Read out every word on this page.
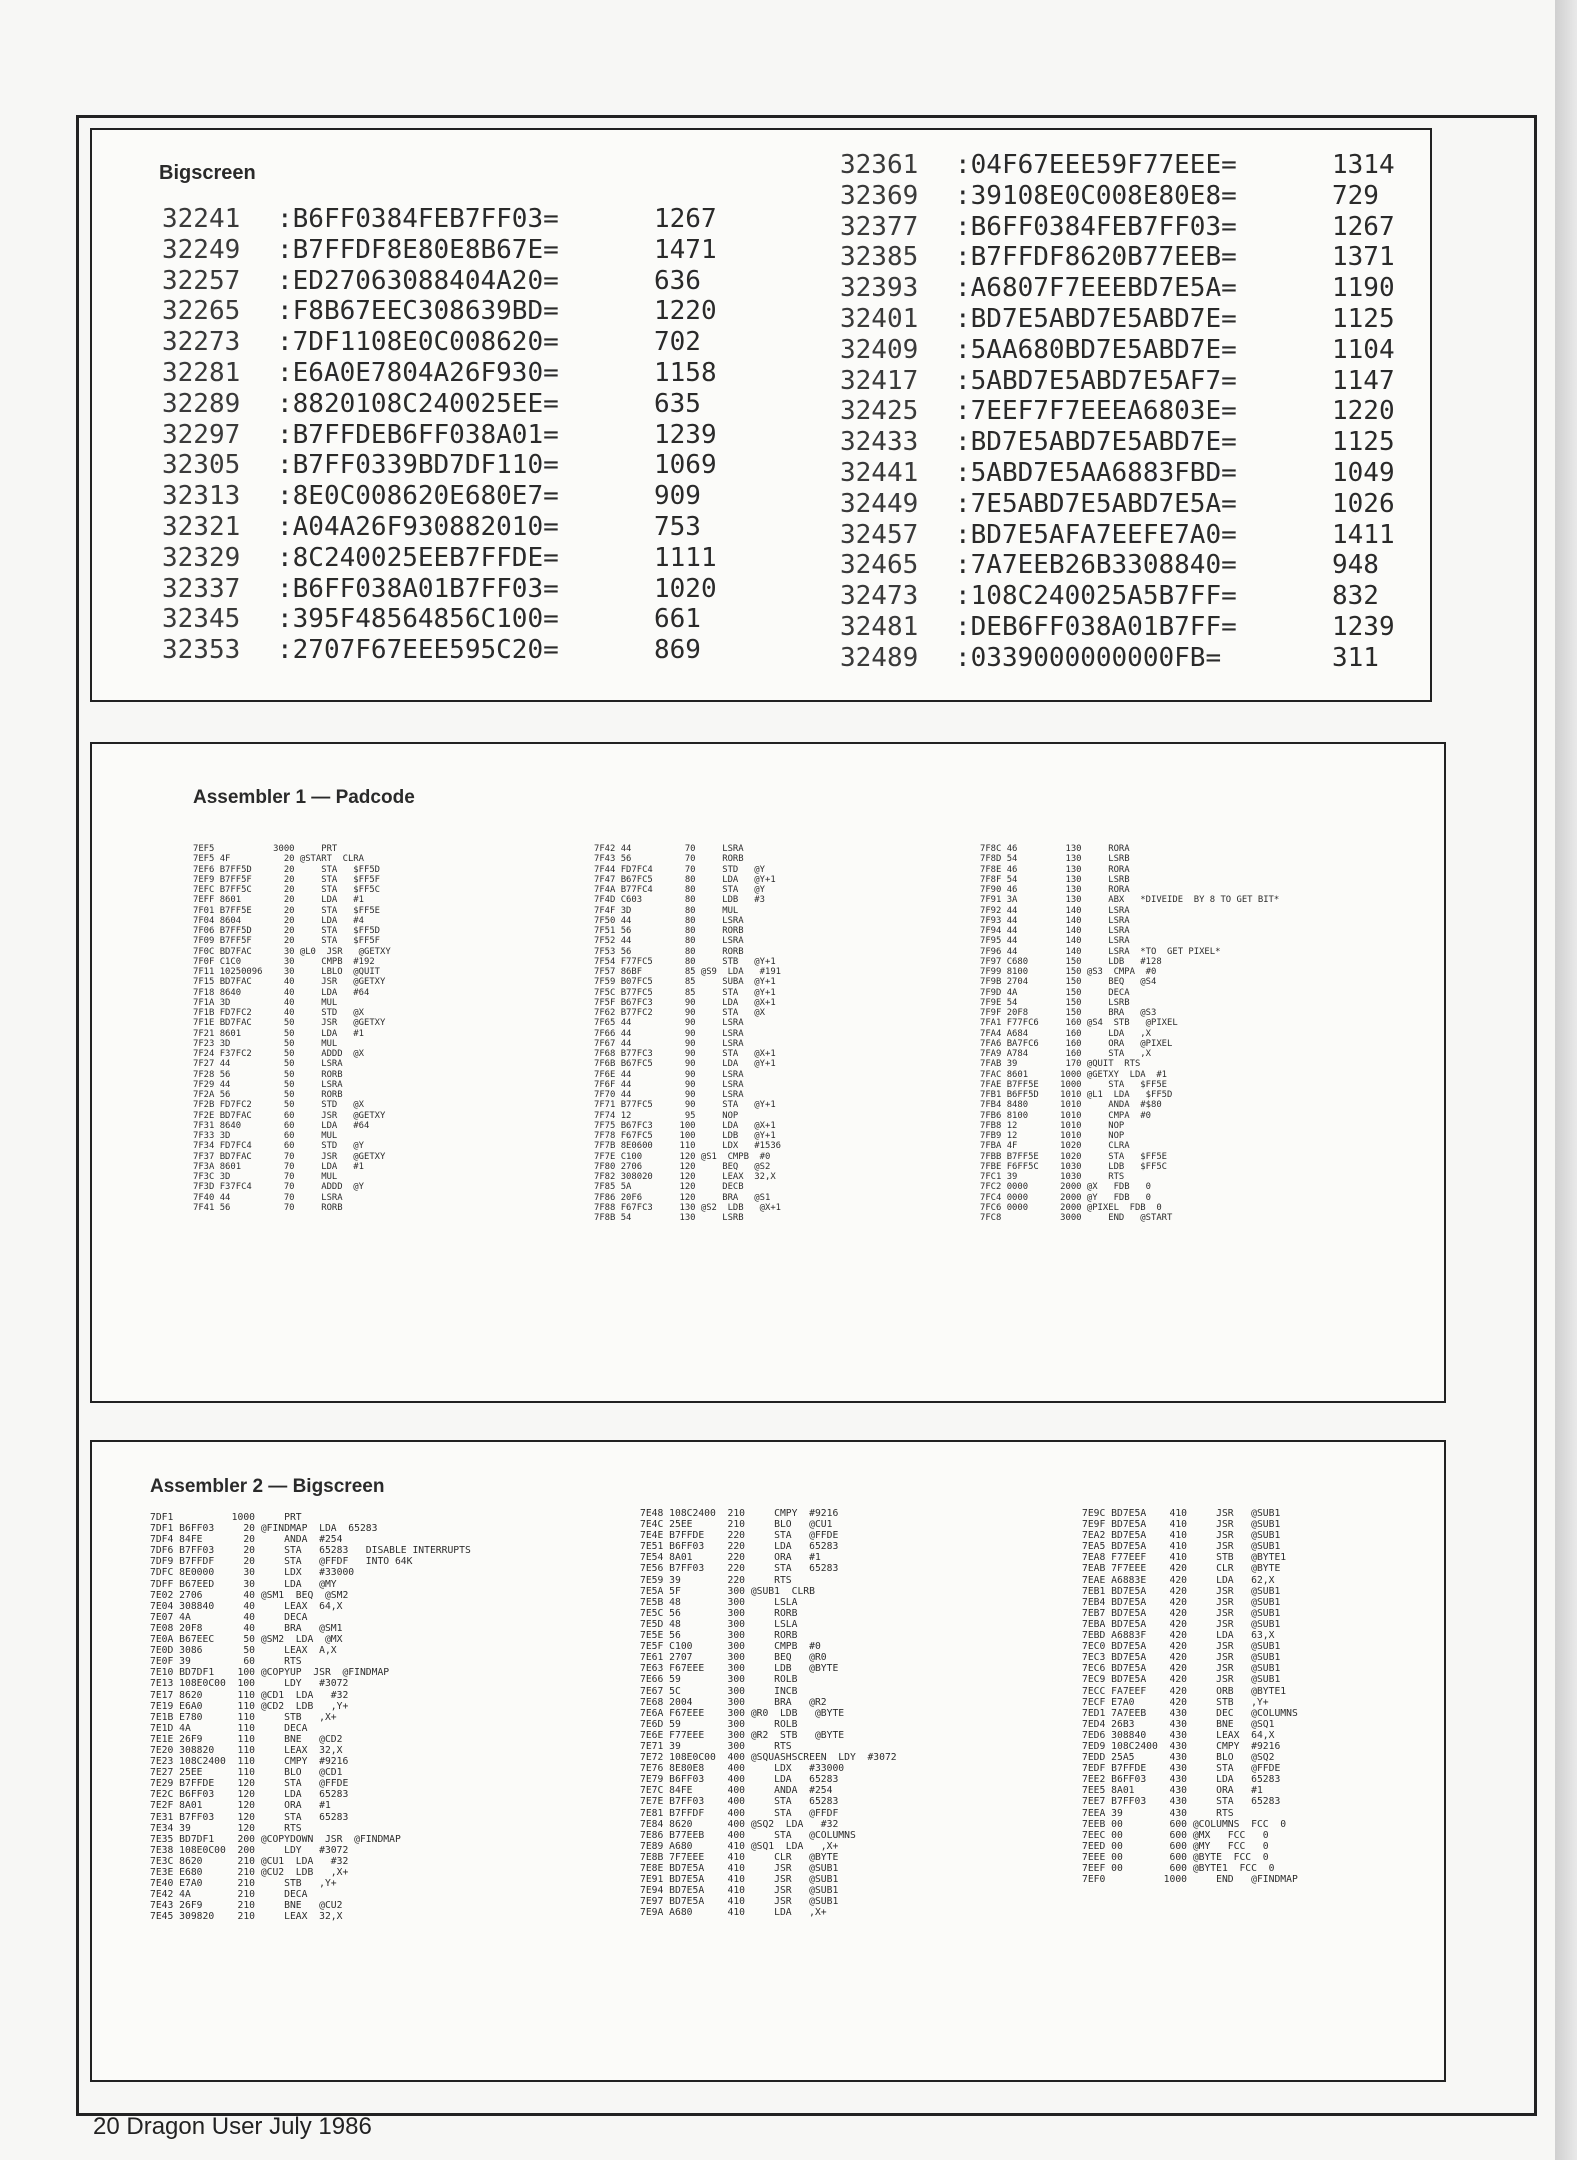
Bigscreen
32241 :B6FF0384FEB7FF03=	1267
32249 :B7FFDF8E80E8B67E=	1471
32257 :ED27063088404A20=	636
32265 :F8B67EEC308639BD=	1220
32273 :7DF1108E0C008620=	702
32281 :E6A0E7804A26F930=	1158
32289 :8820108C240025EE=	635
32297 :B7FFDEB6FF038A01=	1239
32305 :B7FF0339BD7DF110=	1069
32313 :8E0C008620E680E7=	909
32321 :A04A26F930882010=	753
32329 :8C240025EEB7FFDE=	1111
32337 :B6FF038A01B7FF03=	1020
32345 :395F48564856C100=	661
32353 :2707F67EEE595C20=	869
32361 :04F67EEE59F77EEE=	1314
32369 :39108E0C008E80E8=	729
32377 :B6FF0384FEB7FF03=	1267
32385 :B7FFDF8620B77EEB=	1371
32393 :A6807F7EEEBD7E5A=	1190
32401 :BD7E5ABD7E5ABD7E=	1125
32409 :5AA680BD7E5ABD7E=	1104
32417 :5ABD7E5ABD7E5AF7=	1147
32425 :7EEF7F7EEEA6803E=	1220
32433 :BD7E5ABD7E5ABD7E=	1125
32441 :5ABD7E5AA6883FBD=	1049
32449 :7E5ABD7E5ABD7E5A=	1026
32457 :BD7E5AFA7EEFE7A0=	1411
32465 :7A7EEB26B3308840=	948
32473 :108C240025A5B7FF=	832
32481 :DEB6FF038A01B7FF=	1239
32489 :0339000000000FB=	311
Assembler 1 — Padcode
7EF5           3000     PRT
7EF5 4F          20 @START  CLRA
7EF6 B7FF5D      20     STA   $FF5D
7EF9 B7FF5F      20     STA   $FF5F
7EFC B7FF5C      20     STA   $FF5C
7EFF 8601        20     LDA   #1
7F01 B7FF5E      20     STA   $FF5E
7F04 8604        20     LDA   #4
7F06 B7FF5D      20     STA   $FF5D
7F09 B7FF5F      20     STA   $FF5F
7F0C BD7FAC      30 @L0  JSR   @GETXY
7F0F C1C0        30     CMPB  #192
7F11 10250096    30     LBLO  @QUIT
7F15 BD7FAC      40     JSR   @GETXY
7F18 8640        40     LDA   #64
7F1A 3D          40     MUL
7F1B FD7FC2      40     STD   @X
7F1E BD7FAC      50     JSR   @GETXY
7F21 8601        50     LDA   #1
7F23 3D          50     MUL
7F24 F37FC2      50     ADDD  @X
7F27 44          50     LSRA
7F28 56          50     RORB
7F29 44          50     LSRA
7F2A 56          50     RORB
7F2B FD7FC2      50     STD   @X
7F2E BD7FAC      60     JSR   @GETXY
7F31 8640        60     LDA   #64
7F33 3D          60     MUL
7F34 FD7FC4      60     STD   @Y
7F37 BD7FAC      70     JSR   @GETXY
7F3A 8601        70     LDA   #1
7F3C 3D          70     MUL
7F3D F37FC4      70     ADDD  @Y
7F40 44          70     LSRA
7F41 56          70     RORB
7F42 44          70     LSRA
7F43 56          70     RORB
7F44 FD7FC4      70     STD   @Y
7F47 B67FC5      80     LDA   @Y+1
7F4A B77FC4      80     STA   @Y
7F4D C603        80     LDB   #3
7F4F 3D          80     MUL
7F50 44          80     LSRA
7F51 56          80     RORB
7F52 44          80     LSRA
7F53 56          80     RORB
7F54 F77FC5      80     STB   @Y+1
7F57 86BF        85 @S9  LDA   #191
7F59 B07FC5      85     SUBA  @Y+1
7F5C B77FC5      85     STA   @Y+1
7F5F B67FC3      90     LDA   @X+1
7F62 B77FC2      90     STA   @X
7F65 44          90     LSRA
7F66 44          90     LSRA
7F67 44          90     LSRA
7F68 B77FC3      90     STA   @X+1
7F6B B67FC5      90     LDA   @Y+1
7F6E 44          90     LSRA
7F6F 44          90     LSRA
7F70 44          90     LSRA
7F71 B77FC5      90     STA   @Y+1
7F74 12          95     NOP
7F75 B67FC3     100     LDA   @X+1
7F78 F67FC5     100     LDB   @Y+1
7F7B 8E0600     110     LDX   #1536
7F7E C100       120 @S1  CMPB  #0
7F80 2706       120     BEQ   @S2
7F82 308020     120     LEAX  32,X
7F85 5A         120     DECB
7F86 20F6       120     BRA   @S1
7F88 F67FC3     130 @S2  LDB   @X+1
7F8B 54         130     LSRB
7F8C 46         130     RORA
7F8D 54         130     LSRB
7F8E 46         130     RORA
7F8F 54         130     LSRB
7F90 46         130     RORA
7F91 3A         130     ABX   *DIVEIDE  BY 8 TO GET BIT*
7F92 44         140     LSRA
7F93 44         140     LSRA
7F94 44         140     LSRA
7F95 44         140     LSRA
7F96 44         140     LSRA  *TO  GET PIXEL*
7F97 C680       150     LDB   #128
7F99 8100       150 @S3  CMPA  #0
7F9B 2704       150     BEQ   @S4
7F9D 4A         150     DECA
7F9E 54         150     LSRB
7F9F 20F8       150     BRA   @S3
7FA1 F77FC6     160 @S4  STB   @PIXEL
7FA4 A684       160     LDA   ,X
7FA6 BA7FC6     160     ORA   @PIXEL
7FA9 A784       160     STA   ,X
7FAB 39         170 @QUIT  RTS
7FAC 8601      1000 @GETXY  LDA  #1
7FAE B7FF5E    1000     STA   $FF5E
7FB1 B6FF5D    1010 @L1  LDA   $FF5D
7FB4 8480      1010     ANDA  #$80
7FB6 8100      1010     CMPA  #0
7FB8 12        1010     NOP
7FB9 12        1010     NOP
7FBA 4F        1020     CLRA
7FBB B7FF5E    1020     STA   $FF5E
7FBE F6FF5C    1030     LDB   $FF5C
7FC1 39        1030     RTS
7FC2 0000      2000 @X   FDB   0
7FC4 0000      2000 @Y   FDB   0
7FC6 0000      2000 @PIXEL  FDB  0
7FC8           3000     END   @START
Assembler 2 — Bigscreen
7DF1          1000     PRT
7DF1 B6FF03     20 @FINDMAP  LDA  65283
7DF4 84FE       20     ANDA  #254
7DF6 B7FF03     20     STA   65283   DISABLE INTERRUPTS
7DF9 B7FFDF     20     STA   @FFDF   INTO 64K
7DFC 8E0000     30     LDX   #33000
7DFF B67EED     30     LDA   @MY
7E02 2706       40 @SM1  BEQ  @SM2
7E04 308840     40     LEAX  64,X
7E07 4A         40     DECA
7E08 20F8       40     BRA   @SM1
7E0A B67EEC     50 @SM2  LDA  @MX
7E0D 3086       50     LEAX  A,X
7E0F 39         60     RTS
7E10 BD7DF1    100 @COPYUP  JSR  @FINDMAP
7E13 108E0C00  100     LDY   #3072
7E17 8620      110 @CD1  LDA   #32
7E19 E6A0      110 @CD2  LDB   ,Y+
7E1B E780      110     STB   ,X+
7E1D 4A        110     DECA
7E1E 26F9      110     BNE   @CD2
7E20 308820    110     LEAX  32,X
7E23 108C2400  110     CMPY  #9216
7E27 25EE      110     BLO   @CD1
7E29 B7FFDE    120     STA   @FFDE
7E2C B6FF03    120     LDA   65283
7E2F 8A01      120     ORA   #1
7E31 B7FF03    120     STA   65283
7E34 39        120     RTS
7E35 BD7DF1    200 @COPYDOWN  JSR  @FINDMAP
7E38 108E0C00  200     LDY   #3072
7E3C 8620      210 @CU1  LDA   #32
7E3E E680      210 @CU2  LDB   ,X+
7E40 E7A0      210     STB   ,Y+
7E42 4A        210     DECA
7E43 26F9      210     BNE   @CU2
7E45 309820    210     LEAX  32,X
7E48 108C2400  210     CMPY  #9216
7E4C 25EE      210     BLO   @CU1
7E4E B7FFDE    220     STA   @FFDE
7E51 B6FF03    220     LDA   65283
7E54 8A01      220     ORA   #1
7E56 B7FF03    220     STA   65283
7E59 39        220     RTS
7E5A 5F        300 @SUB1  CLRB
7E5B 48        300     LSLA
7E5C 56        300     RORB
7E5D 48        300     LSLA
7E5E 56        300     RORB
7E5F C100      300     CMPB  #0
7E61 2707      300     BEQ   @R0
7E63 F67EEE    300     LDB   @BYTE
7E66 59        300     ROLB
7E67 5C        300     INCB
7E68 2004      300     BRA   @R2
7E6A F67EEE    300 @R0  LDB   @BYTE
7E6D 59        300     ROLB
7E6E F77EEE    300 @R2  STB   @BYTE
7E71 39        300     RTS
7E72 108E0C00  400 @SQUASHSCREEN  LDY  #3072
7E76 8E80E8    400     LDX   #33000
7E79 B6FF03    400     LDA   65283
7E7C 84FE      400     ANDA  #254
7E7E B7FF03    400     STA   65283
7E81 B7FFDF    400     STA   @FFDF
7E84 8620      400 @SQ2  LDA   #32
7E86 B77EEB    400     STA   @COLUMNS
7E89 A680      410 @SQ1  LDA   ,X+
7E8B 7F7EEE    410     CLR   @BYTE
7E8E BD7E5A    410     JSR   @SUB1
7E91 BD7E5A    410     JSR   @SUB1
7E94 BD7E5A    410     JSR   @SUB1
7E97 BD7E5A    410     JSR   @SUB1
7E9A A680      410     LDA   ,X+
7E9C BD7E5A    410     JSR   @SUB1
7E9F BD7E5A    410     JSR   @SUB1
7EA2 BD7E5A    410     JSR   @SUB1
7EA5 BD7E5A    410     JSR   @SUB1
7EA8 F77EEF    410     STB   @BYTE1
7EAB 7F7EEE    420     CLR   @BYTE
7EAE A6883E    420     LDA   62,X
7EB1 BD7E5A    420     JSR   @SUB1
7EB4 BD7E5A    420     JSR   @SUB1
7EB7 BD7E5A    420     JSR   @SUB1
7EBA BD7E5A    420     JSR   @SUB1
7EBD A6883F    420     LDA   63,X
7EC0 BD7E5A    420     JSR   @SUB1
7EC3 BD7E5A    420     JSR   @SUB1
7EC6 BD7E5A    420     JSR   @SUB1
7EC9 BD7E5A    420     JSR   @SUB1
7ECC FA7EEF    420     ORB   @BYTE1
7ECF E7A0      420     STB   ,Y+
7ED1 7A7EEB    430     DEC   @COLUMNS
7ED4 26B3      430     BNE   @SQ1
7ED6 308840    430     LEAX  64,X
7ED9 108C2400  430     CMPY  #9216
7EDD 25A5      430     BLO   @SQ2
7EDF B7FFDE    430     STA   @FFDE
7EE2 B6FF03    430     LDA   65283
7EE5 8A01      430     ORA   #1
7EE7 B7FF03    430     STA   65283
7EEA 39        430     RTS
7EEB 00        600 @COLUMNS  FCC  0
7EEC 00        600 @MX   FCC   0
7EED 00        600 @MY   FCC   0
7EEE 00        600 @BYTE  FCC  0
7EEF 00        600 @BYTE1  FCC  0
7EF0          1000     END   @FINDMAP
20 Dragon User July 1986
